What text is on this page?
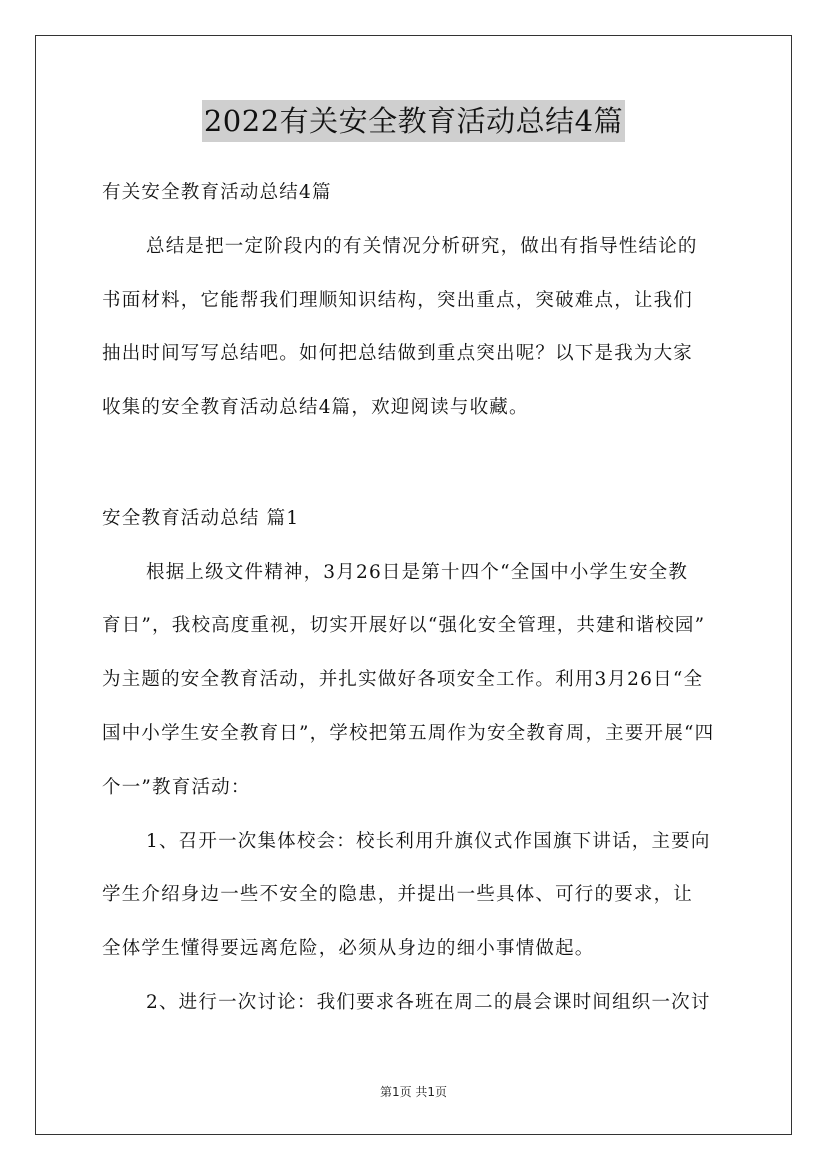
2022有关安全教育活动总结4篇
有关安全教育活动总结4篇
总结是把一定阶段内的有关情况分析研究，做出有指导性结论的
书面材料，它能帮我们理顺知识结构，突出重点，突破难点，让我们
抽出时间写写总结吧。如何把总结做到重点突出呢？以下是我为大家
收集的安全教育活动总结4篇，欢迎阅读与收藏。
安全教育活动总结 篇1
根据上级文件精神，3月26日是第十四个“全国中小学生安全教
育日”，我校高度重视，切实开展好以“强化安全管理，共建和谐校园”
为主题的安全教育活动，并扎实做好各项安全工作。利用3月26日“全
国中小学生安全教育日”，学校把第五周作为安全教育周，主要开展“四
个一”教育活动：
1、召开一次集体校会：校长利用升旗仪式作国旗下讲话，主要向
学生介绍身边一些不安全的隐患，并提出一些具体、可行的要求，让
全体学生懂得要远离危险，必须从身边的细小事情做起。
2、进行一次讨论：我们要求各班在周二的晨会课时间组织一次讨
第1页 共1页
